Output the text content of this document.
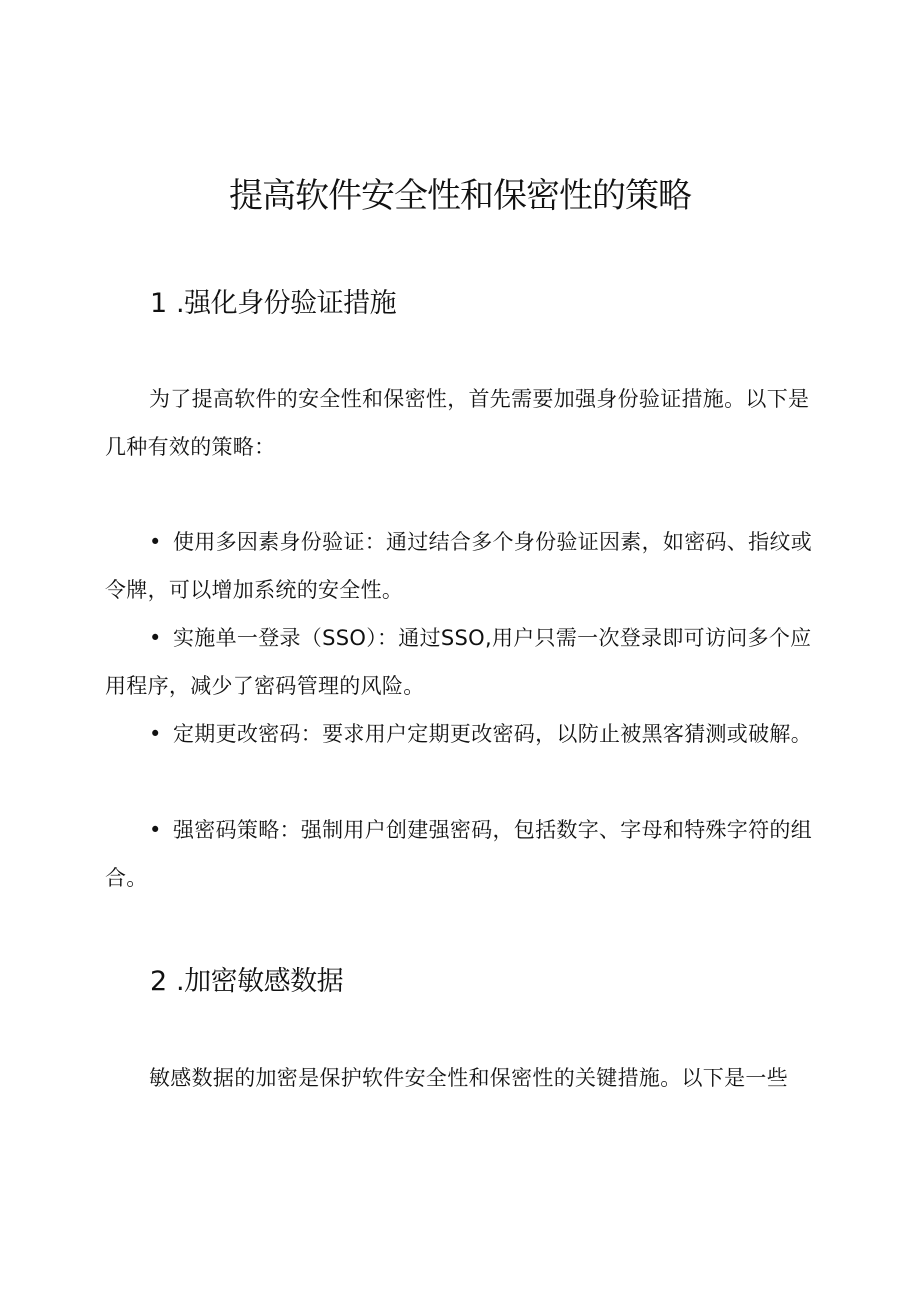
提高软件安全性和保密性的策略
1 .强化身份验证措施

为了提高软件的安全性和保密性，首先需要加强身份验证措施。以下是几种有效的策略：

• 使用多因素身份验证：通过结合多个身份验证因素，如密码、指纹或令牌，可以增加系统的安全性。

• 实施单一登录（SSO）：通过SSO,用户只需一次登录即可访问多个应用程序，减少了密码管理的风险。

• 定期更改密码：要求用户定期更改密码，以防止被黑客猜测或破解。

• 强密码策略：强制用户创建强密码，包括数字、字母和特殊字符的组合。

2 .加密敏感数据

敏感数据的加密是保护软件安全性和保密性的关键措施。以下是一些
